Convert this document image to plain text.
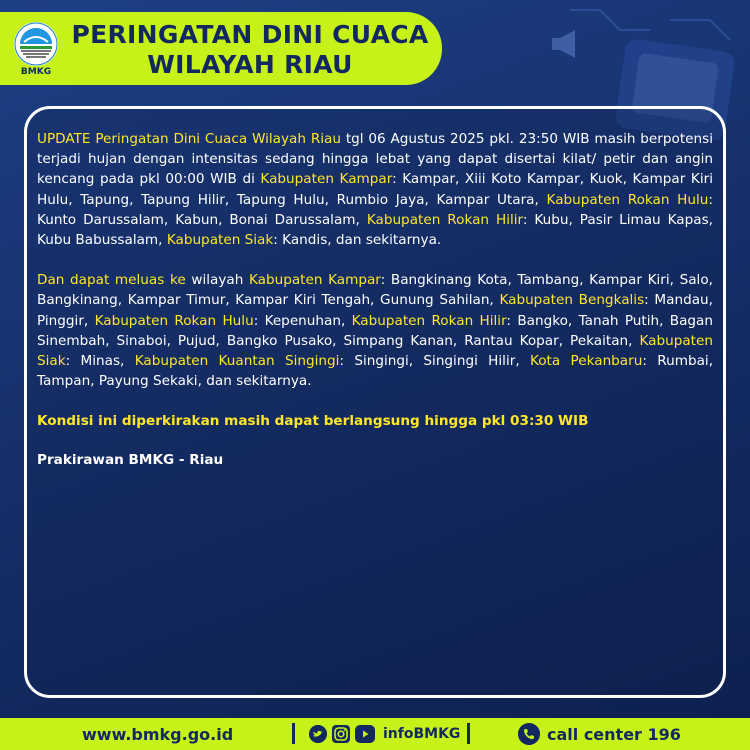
BMKG
PERINGATAN DINI CUACA
WILAYAH RIAU

UPDATE Peringatan Dini Cuaca Wilayah Riau tgl 06 Agustus 2025 pkl. 23:50 WIB masih berpotensi terjadi hujan dengan intensitas sedang hingga lebat yang dapat disertai kilat/ petir dan angin kencang pada pkl 00:00 WIB di Kabupaten Kampar: Kampar, Xiii Koto Kampar, Kuok, Kampar Kiri Hulu, Tapung, Tapung Hilir, Tapung Hulu, Rumbio Jaya, Kampar Utara, Kabupaten Rokan Hulu: Kunto Darussalam, Kabun, Bonai Darussalam, Kabupaten Rokan Hilir: Kubu, Pasir Limau Kapas, Kubu Babussalam, Kabupaten Siak: Kandis, dan sekitarnya.

Dan dapat meluas ke wilayah Kabupaten Kampar: Bangkinang Kota, Tambang, Kampar Kiri, Salo, Bangkinang, Kampar Timur, Kampar Kiri Tengah, Gunung Sahilan, Kabupaten Bengkalis: Mandau, Pinggir, Kabupaten Rokan Hulu: Kepenuhan, Kabupaten Rokan Hilir: Bangko, Tanah Putih, Bagan Sinembah, Sinaboi, Pujud, Bangko Pusako, Simpang Kanan, Rantau Kopar, Pekaitan, Kabupaten Siak: Minas, Kabupaten Kuantan Singingi: Singingi, Singingi Hilir, Kota Pekanbaru: Rumbai, Tampan, Payung Sekaki, dan sekitarnya.

Kondisi ini diperkirakan masih dapat berlangsung hingga pkl 03:30 WIB

Prakirawan BMKG - Riau

www.bmkg.go.id	infoBMKG	call center 196
